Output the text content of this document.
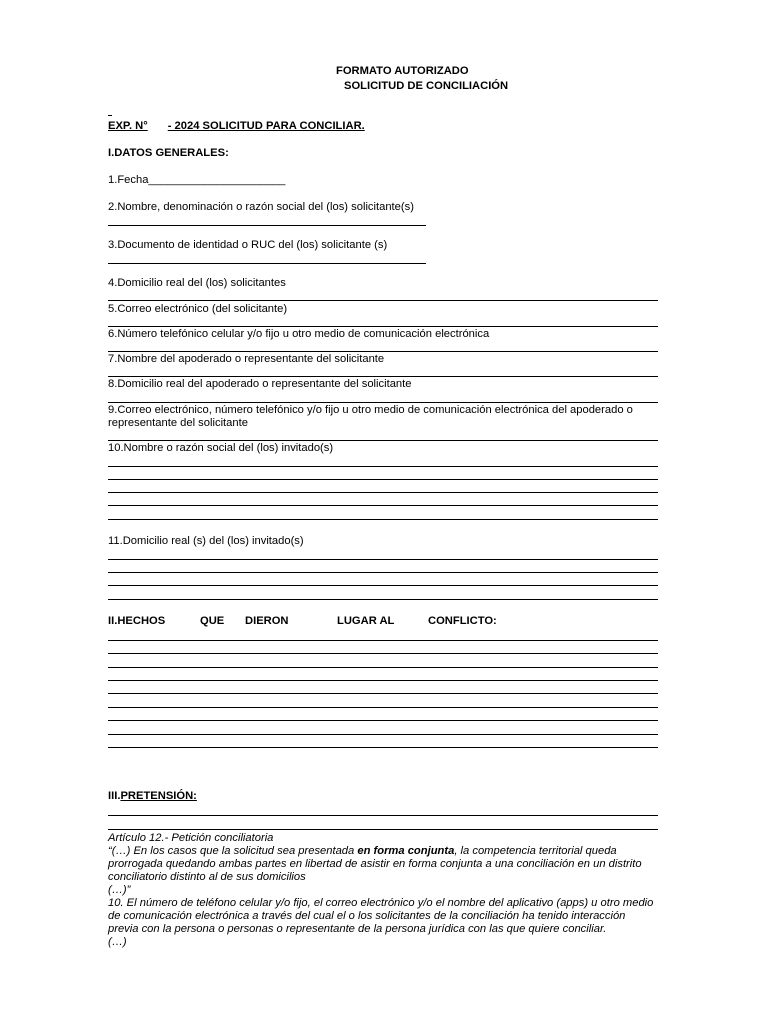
FORMATO AUTORIZADO
SOLICITUD DE CONCILIACIÓN
EXP. N° - 2024 SOLICITUD PARA CONCILIAR.
I.DATOS GENERALES:
1.Fecha______________________
2.Nombre, denominación o razón social del (los) solicitante(s)
3.Documento de identidad o RUC del (los) solicitante (s)
4.Domicilio real del (los) solicitantes
5.Correo electrónico (del solicitante)
6.Número telefónico celular y/o fijo u otro medio de comunicación electrónica
7.Nombre del apoderado o representante del solicitante
8.Domicilio real del apoderado o representante del solicitante
9.Correo electrónico, número telefónico y/o fijo u otro medio de comunicación electrónica del apoderado o representante del solicitante
10.Nombre o razón social del (los) invitado(s)
11.Domicilio real (s) del (los) invitado(s)
II.HECHOS	QUE DIERON	LUGAR AL	CONFLICTO:
III.PRETENSIÓN:
Artículo 12.- Petición conciliatoria
“(…) En los casos que la solicitud sea presentada en forma conjunta, la competencia territorial queda prorrogada quedando ambas partes en libertad de asistir en forma conjunta a una conciliación en un distrito conciliatorio distinto al de sus domicilios
(…)”
10. El número de teléfono celular y/o fijo, el correo electrónico y/o el nombre del aplicativo (apps) u otro medio de comunicación electrónica a través del cual el o los solicitantes de la conciliación ha tenido interacción previa con la persona o personas o representante de la persona jurídica con las que quiere conciliar.
(…)
